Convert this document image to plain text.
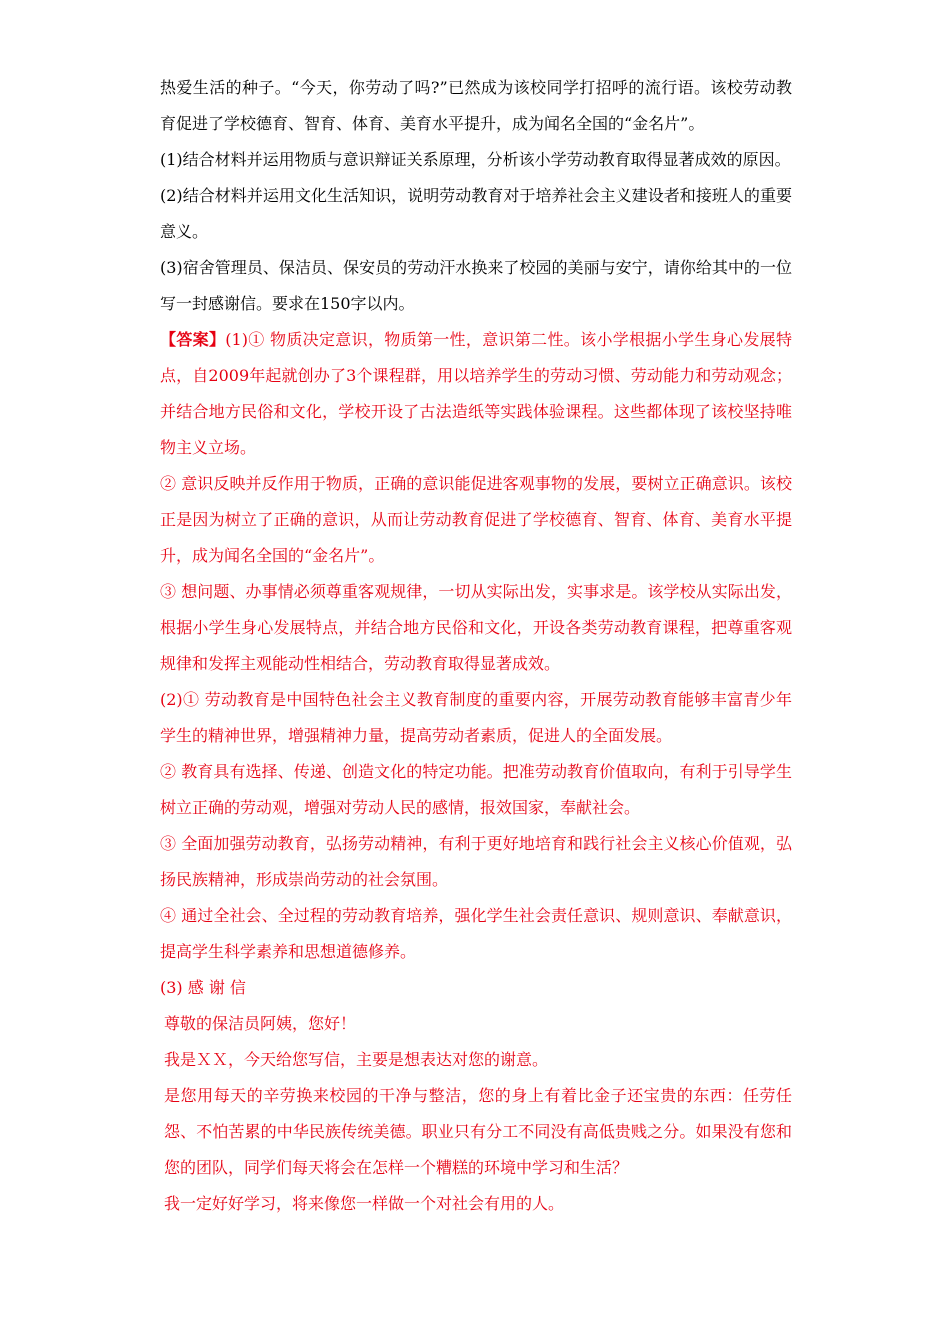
热爱生活的种子。“今天，你劳动了吗?”已然成为该校同学打招呼的流行语。该校劳动教育促进了学校德育、智育、体育、美育水平提升，成为闻名全国的“金名片”。

(1)结合材料并运用物质与意识辩证关系原理，分析该小学劳动教育取得显著成效的原因。

(2)结合材料并运用文化生活知识，说明劳动教育对于培养社会主义建设者和接班人的重要意义。

(3)宿舍管理员、保洁员、保安员的劳动汗水换来了校园的美丽与安宁，请你给其中的一位写一封感谢信。要求在150字以内。

【答案】(1)① 物质决定意识，物质第一性，意识第二性。该小学根据小学生身心发展特点，自2009年起就创办了3个课程群，用以培养学生的劳动习惯、劳动能力和劳动观念；并结合地方民俗和文化，学校开设了古法造纸等实践体验课程。这些都体现了该校坚持唯物主义立场。

② 意识反映并反作用于物质，正确的意识能促进客观事物的发展，要树立正确意识。该校正是因为树立了正确的意识，从而让劳动教育促进了学校德育、智育、体育、美育水平提升，成为闻名全国的“金名片”。

③ 想问题、办事情必须尊重客观规律，一切从实际出发，实事求是。该学校从实际出发，根据小学生身心发展特点，并结合地方民俗和文化，开设各类劳动教育课程，把尊重客观规律和发挥主观能动性相结合，劳动教育取得显著成效。

(2)① 劳动教育是中国特色社会主义教育制度的重要内容，开展劳动教育能够丰富青少年学生的精神世界，增强精神力量，提高劳动者素质，促进人的全面发展。

② 教育具有选择、传递、创造文化的特定功能。把准劳动教育价值取向，有利于引导学生树立正确的劳动观，增强对劳动人民的感情，报效国家，奉献社会。

③ 全面加强劳动教育，弘扬劳动精神，有利于更好地培育和践行社会主义核心价值观，弘扬民族精神，形成崇尚劳动的社会氛围。

④ 通过全社会、全过程的劳动教育培养，强化学生社会责任意识、规则意识、奉献意识，提高学生科学素养和思想道德修养。

(3) 感 谢 信

尊敬的保洁员阿姨，您好！

我是ＸＸ，今天给您写信，主要是想表达对您的谢意。

是您用每天的辛劳换来校园的干净与整洁，您的身上有着比金子还宝贵的东西：任劳任怨、不怕苦累的中华民族传统美德。职业只有分工不同没有高低贵贱之分。如果没有您和您的团队，同学们每天将会在怎样一个糟糕的环境中学习和生活？

我一定好好学习，将来像您一样做一个对社会有用的人。
